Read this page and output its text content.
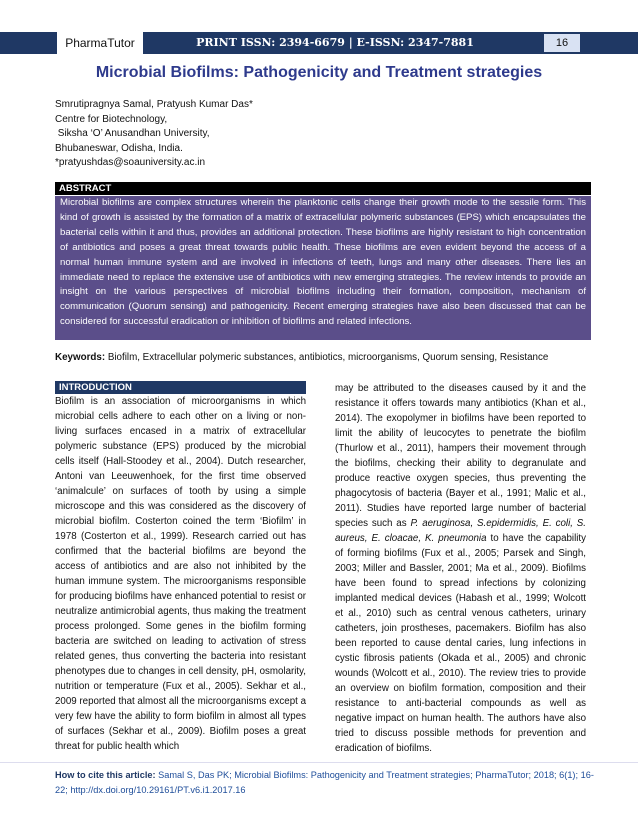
PharmaTutor	PRINT ISSN: 2394-6679 | E-ISSN: 2347-7881	16
Microbial Biofilms: Pathogenicity and Treatment strategies
Smrutipragnya Samal, Pratyush Kumar Das*
Centre for Biotechnology,
Siksha ‘O’ Anusandhan University,
Bhubaneswar, Odisha, India.
*pratyushdas@soauniversity.ac.in
ABSTRACT
Microbial biofilms are complex structures wherein the planktonic cells change their growth mode to the sessile form. This kind of growth is assisted by the formation of a matrix of extracellular polymeric substances (EPS) which encapsulates the bacterial cells within it and thus, provides an additional protection. These biofilms are highly resistant to high concentration of antibiotics and poses a great threat towards public health. These biofilms are even evident beyond the access of a normal human immune system and are involved in infections of teeth, lungs and many other diseases. There lies an immediate need to replace the extensive use of antibiotics with new emerging strategies. The review intends to provide an insight on the various perspectives of microbial biofilms including their formation, composition, mechanism of communication (Quorum sensing) and pathogenicity. Recent emerging strategies have also been discussed that can be considered for successful eradication or inhibition of biofilms and related infections.
Keywords: Biofilm, Extracellular polymeric substances, antibiotics, microorganisms, Quorum sensing, Resistance
INTRODUCTION
Biofilm is an association of microorganisms in which microbial cells adhere to each other on a living or non-living surfaces encased in a matrix of extracellular polymeric substance (EPS) produced by the microbial cells itself (Hall-Stoodey et al., 2004). Dutch researcher, Antoni van Leeuwenhoek, for the first time observed ‘animalcule’ on surfaces of tooth by using a simple microscope and this was considered as the discovery of microbial biofilm. Costerton coined the term ‘Biofilm’ in 1978 (Costerton et al., 1999). Research carried out has confirmed that the bacterial biofilms are beyond the access of antibiotics and are also not inhibited by the human immune system. The microorganisms responsible for producing biofilms have enhanced potential to resist or neutralize antimicrobial agents, thus making the treatment process prolonged. Some genes in the biofilm forming bacteria are switched on leading to activation of stress related genes, thus converting the bacteria into resistant phenotypes due to changes in cell density, pH, osmolarity, nutrition or temperature (Fux et al., 2005). Sekhar et al., 2009 reported that almost all the microorganisms except a very few have the ability to form biofilm in almost all types of surfaces (Sekhar et al., 2009). Biofilm poses a great threat for public health which
may be attributed to the diseases caused by it and the resistance it offers towards many antibiotics (Khan et al., 2014). The exopolymer in biofilms have been reported to limit the ability of leucocytes to penetrate the biofilm (Thurlow et al., 2011), hampers their movement through the biofilms, checking their ability to degranulate and produce reactive oxygen species, thus preventing the phagocytosis of bacteria (Bayer et al., 1991; Malic et al., 2011). Studies have reported large number of bacterial species such as P. aeruginosa, S.epidermidis, E. coli, S. aureus, E. cloacae, K. pneumonia to have the capability of forming biofilms (Fux et al., 2005; Parsek and Singh, 2003; Miller and Bassler, 2001; Ma et al., 2009). Biofilms have been found to spread infections by colonizing implanted medical devices (Habash et al., 1999; Wolcott et al., 2010) such as central venous catheters, urinary catheters, join prostheses, pacemakers. Biofilm has also been reported to cause dental caries, lung infections in cystic fibrosis patients (Okada et al., 2005) and chronic wounds (Wolcott et al., 2010). The review tries to provide an overview on biofilm formation, composition and their resistance to anti-bacterial compounds as well as negative impact on human health. The authors have also tried to discuss possible methods for prevention and eradication of biofilms.
How to cite this article: Samal S, Das PK; Microbial Biofilms: Pathogenicity and Treatment strategies; PharmaTutor; 2018; 6(1); 16-22; http://dx.doi.org/10.29161/PT.v6.i1.2017.16
